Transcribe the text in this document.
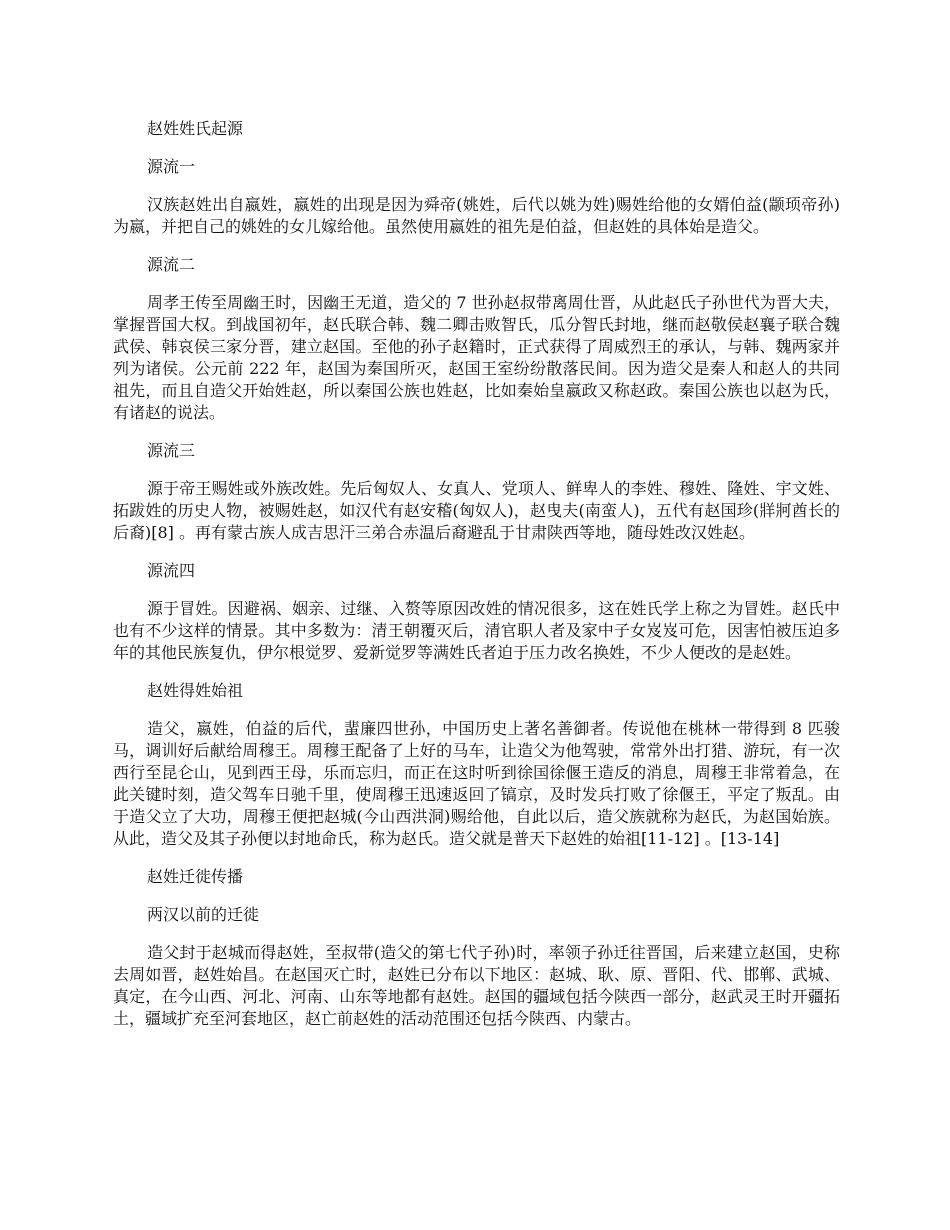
赵姓姓氏起源
源流一

汉族赵姓出自嬴姓，嬴姓的出现是因为舜帝(姚姓，后代以姚为姓)赐姓给他的女婿伯益(颛顼帝孙)为嬴，并把自己的姚姓的女儿嫁给他。虽然使用嬴姓的祖先是伯益，但赵姓的具体始是造父。

源流二

周孝王传至周幽王时，因幽王无道，造父的 7 世孙赵叔带离周仕晋，从此赵氏子孙世代为晋大夫，掌握晋国大权。到战国初年，赵氏联合韩、魏二卿击败智氏，瓜分智氏封地，继而赵敬侯赵襄子联合魏武侯、韩哀侯三家分晋，建立赵国。至他的孙子赵籍时，正式获得了周威烈王的承认，与韩、魏两家并列为诸侯。公元前 222 年，赵国为秦国所灭，赵国王室纷纷散落民间。因为造父是秦人和赵人的共同祖先，而且自造父开始姓赵，所以秦国公族也姓赵，比如秦始皇嬴政又称赵政。秦国公族也以赵为氏，有诸赵的说法。

源流三

源于帝王赐姓或外族改姓。先后匈奴人、女真人、党项人、鲜卑人的李姓、穆姓、隆姓、宇文姓、拓跋姓的历史人物，被赐姓赵，如汉代有赵安稽(匈奴人)，赵曳夫(南蛮人)，五代有赵国珍(牂牁酋长的后裔)[8] 。再有蒙古族人成吉思汗三弟合赤温后裔避乱于甘肃陕西等地，随母姓改汉姓赵。

源流四

源于冒姓。因避祸、姻亲、过继、入赘等原因改姓的情况很多，这在姓氏学上称之为冒姓。赵氏中也有不少这样的情景。其中多数为：清王朝覆灭后，清官职人者及家中子女岌岌可危，因害怕被压迫多年的其他民族复仇，伊尔根觉罗、爱新觉罗等满姓氏者迫于压力改名换姓，不少人便改的是赵姓。

赵姓得姓始祖

造父，嬴姓，伯益的后代，蜚廉四世孙，中国历史上著名善御者。传说他在桃林一带得到 8 匹骏马，调训好后献给周穆王。周穆王配备了上好的马车，让造父为他驾驶，常常外出打猎、游玩，有一次西行至昆仑山，见到西王母，乐而忘归，而正在这时听到徐国徐偃王造反的消息，周穆王非常着急，在此关键时刻，造父驾车日驰千里，使周穆王迅速返回了镐京，及时发兵打败了徐偃王，平定了叛乱。由于造父立了大功，周穆王便把赵城(今山西洪洞)赐给他，自此以后，造父族就称为赵氏，为赵国始族。从此，造父及其子孙便以封地命氏，称为赵氏。造父就是普天下赵姓的始祖[11-12] 。[13-14]

赵姓迁徙传播
两汉以前的迁徙

造父封于赵城而得赵姓，至叔带(造父的第七代子孙)时，率领子孙迁往晋国，后来建立赵国，史称去周如晋，赵姓始昌。在赵国灭亡时，赵姓已分布以下地区：赵城、耿、原、晋阳、代、邯郸、武城、真定，在今山西、河北、河南、山东等地都有赵姓。赵国的疆域包括今陕西一部分，赵武灵王时开疆拓土，疆域扩充至河套地区，赵亡前赵姓的活动范围还包括今陕西、内蒙古。
